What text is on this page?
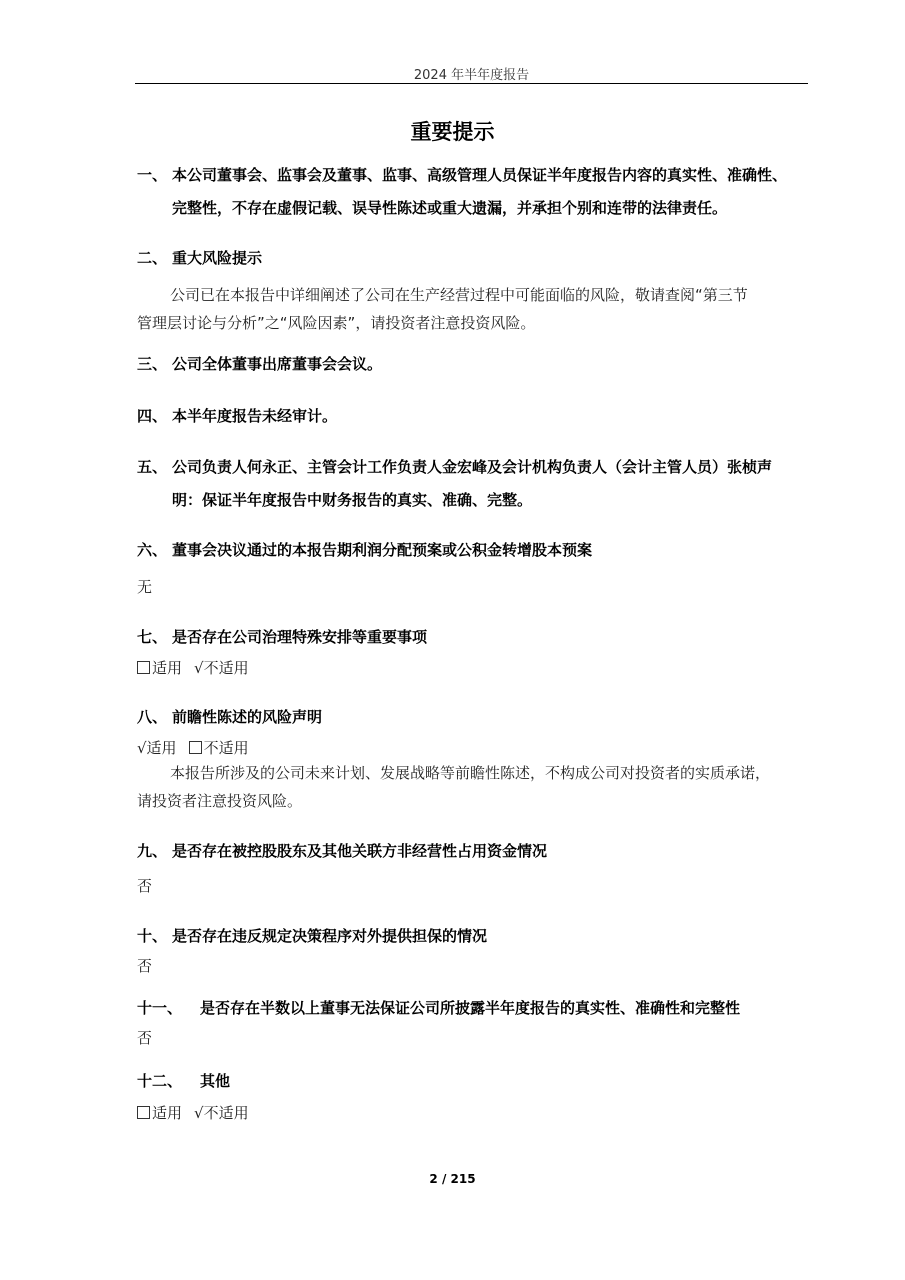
2024 年半年度报告
重要提示
一、 本公司董事会、监事会及董事、监事、高级管理人员保证半年度报告内容的真实性、准确性、
完整性，不存在虚假记载、误导性陈述或重大遗漏，并承担个别和连带的法律责任。
二、 重大风险提示
公司已在本报告中详细阐述了公司在生产经营过程中可能面临的风险，敬请查阅“第三节
管理层讨论与分析”之“风险因素”，请投资者注意投资风险。
三、 公司全体董事出席董事会会议。
四、 本半年度报告未经审计。
五、 公司负责人何永正、主管会计工作负责人金宏峰及会计机构负责人（会计主管人员）张桢声
明：保证半年度报告中财务报告的真实、准确、完整。
六、 董事会决议通过的本报告期利润分配预案或公积金转增股本预案
无
七、 是否存在公司治理特殊安排等重要事项
适用 √不适用
八、 前瞻性陈述的风险声明
√适用 不适用
本报告所涉及的公司未来计划、发展战略等前瞻性陈述，不构成公司对投资者的实质承诺，
请投资者注意投资风险。
九、 是否存在被控股股东及其他关联方非经营性占用资金情况
否
十、 是否存在违反规定决策程序对外提供担保的情况
否
十一、 是否存在半数以上董事无法保证公司所披露半年度报告的真实性、准确性和完整性
否
十二、 其他
适用 √不适用
2 / 215
